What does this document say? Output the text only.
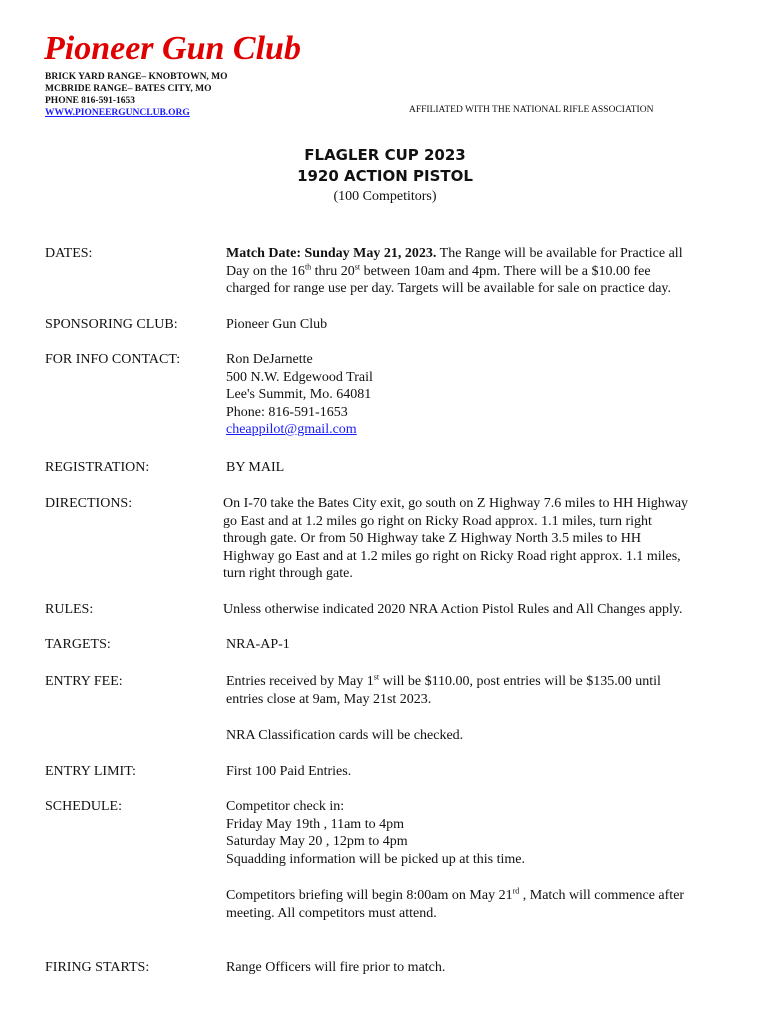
Pioneer Gun Club
BRICK YARD RANGE– KNOBTOWN, MO
MCBRIDE RANGE– BATES CITY, MO
PHONE 816-591-1653
WWW.PIONEERGUNCLUB.ORG	AFFILIATED WITH THE NATIONAL RIFLE ASSOCIATION
FLAGLER CUP 2023
1920 ACTION PISTOL
(100 Competitors)
DATES:	Match Date: Sunday May 21, 2023. The Range will be available for Practice all
Day on the 16th thru 20st between 10am and 4pm. There will be a $10.00 fee
charged for range use per day. Targets will be available for sale on practice day.
SPONSORING CLUB:	Pioneer Gun Club
FOR INFO CONTACT:	Ron DeJarnette
500 N.W. Edgewood Trail
Lee's Summit, Mo. 64081
Phone: 816-591-1653
cheappilot@gmail.com
REGISTRATION:	BY MAIL
DIRECTIONS:	On I-70 take the Bates City exit, go south on Z Highway 7.6 miles to HH Highway
go East and at 1.2 miles go right on Ricky Road approx. 1.1 miles, turn right
through gate. Or from 50 Highway take Z Highway North 3.5 miles to HH
Highway go East and at 1.2 miles go right on Ricky Road right approx. 1.1 miles,
turn right through gate.
RULES:	Unless otherwise indicated 2020 NRA Action Pistol Rules and All Changes apply.
TARGETS:	NRA-AP-1
ENTRY FEE:	Entries received by May 1st will be $110.00, post entries will be $135.00 until
entries close at 9am, May 21st 2023.
NRA Classification cards will be checked.
ENTRY LIMIT:	First 100 Paid Entries.
SCHEDULE:	Competitor check in:
Friday May 19th , 11am to 4pm
Saturday May 20 , 12pm to 4pm
Squadding information will be picked up at this time.
Competitors briefing will begin 8:00am on May 21rd , Match will commence after
meeting. All competitors must attend.
FIRING STARTS:	Range Officers will fire prior to match.
